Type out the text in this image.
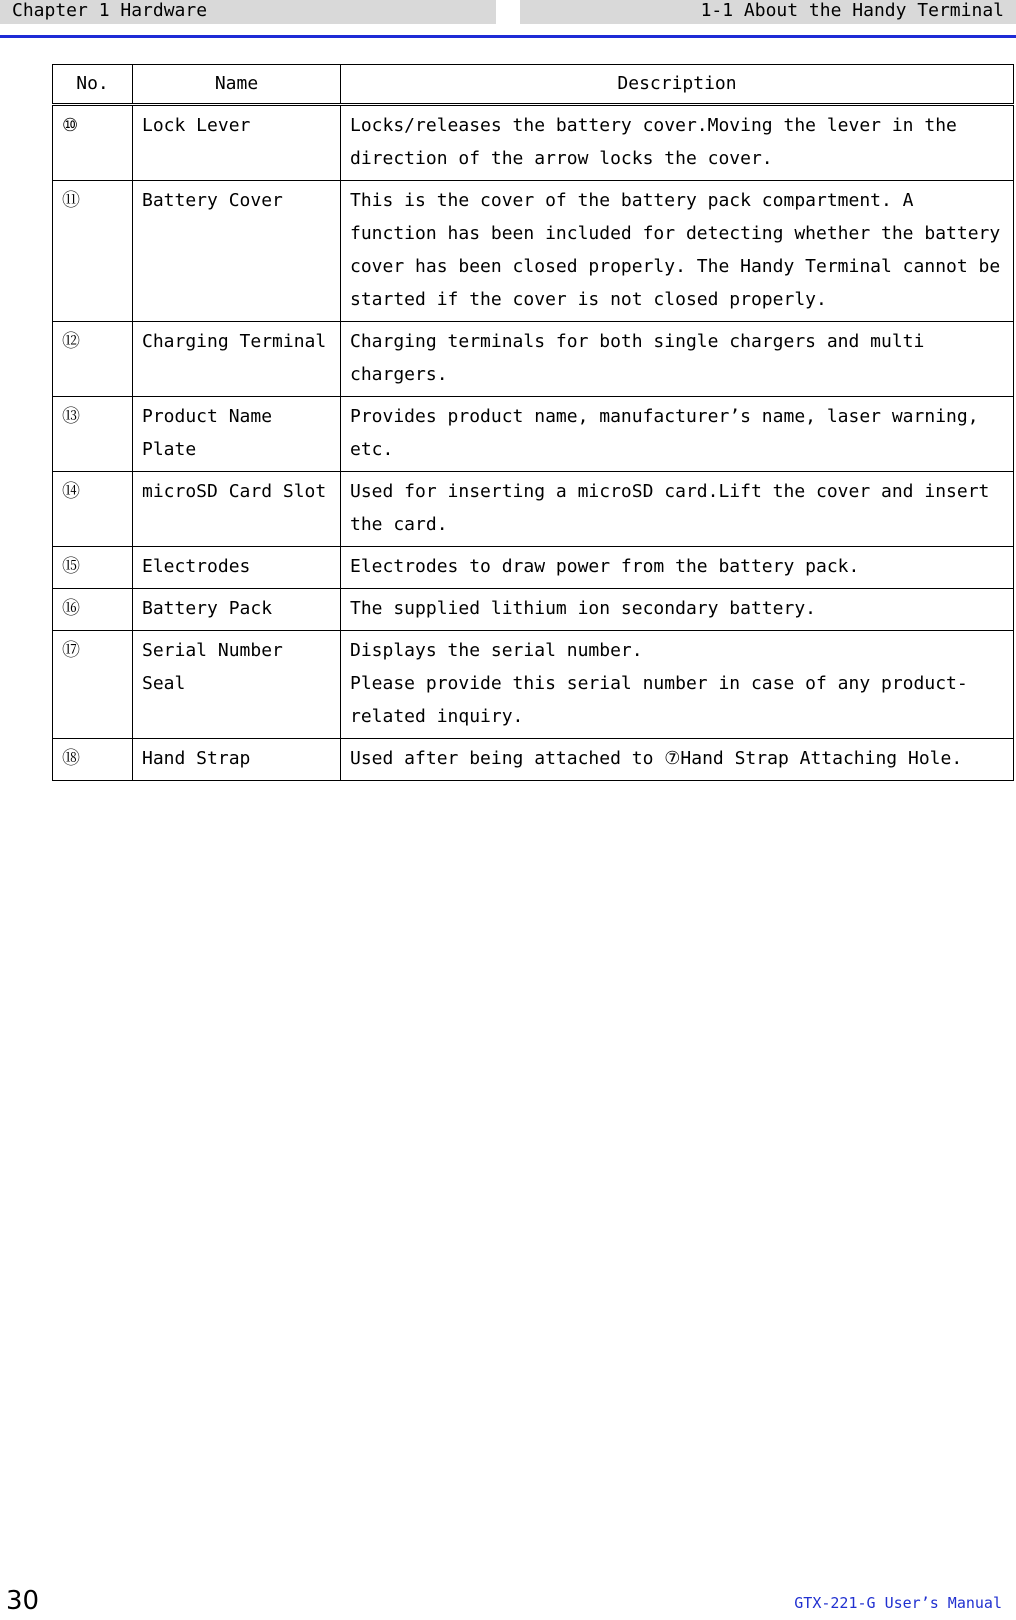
Chapter 1 Hardware	1-1 About the Handy Terminal
No.	Name	Description
⑩	Lock Lever	Locks/releases the battery cover.Moving the lever in the direction of the arrow locks the cover.
⑪	Battery Cover	This is the cover of the battery pack compartment. A function has been included for detecting whether the battery cover has been closed properly. The Handy Terminal cannot be started if the cover is not closed properly.
⑫	Charging Terminal	Charging terminals for both single chargers and multi chargers.
⑬	Product Name Plate	Provides product name, manufacturer’s name, laser warning, etc.
⑭	microSD Card Slot	Used for inserting a microSD card.Lift the cover and insert the card.
⑮	Electrodes	Electrodes to draw power from the battery pack.
⑯	Battery Pack	The supplied lithium ion secondary battery.
⑰	Serial Number Seal	Displays the serial number.
Please provide this serial number in case of any product-related inquiry.

⑱	Hand Strap	Used after being attached to ⑦Hand Strap Attaching Hole.
30	GTX-221-G User’s Manual
